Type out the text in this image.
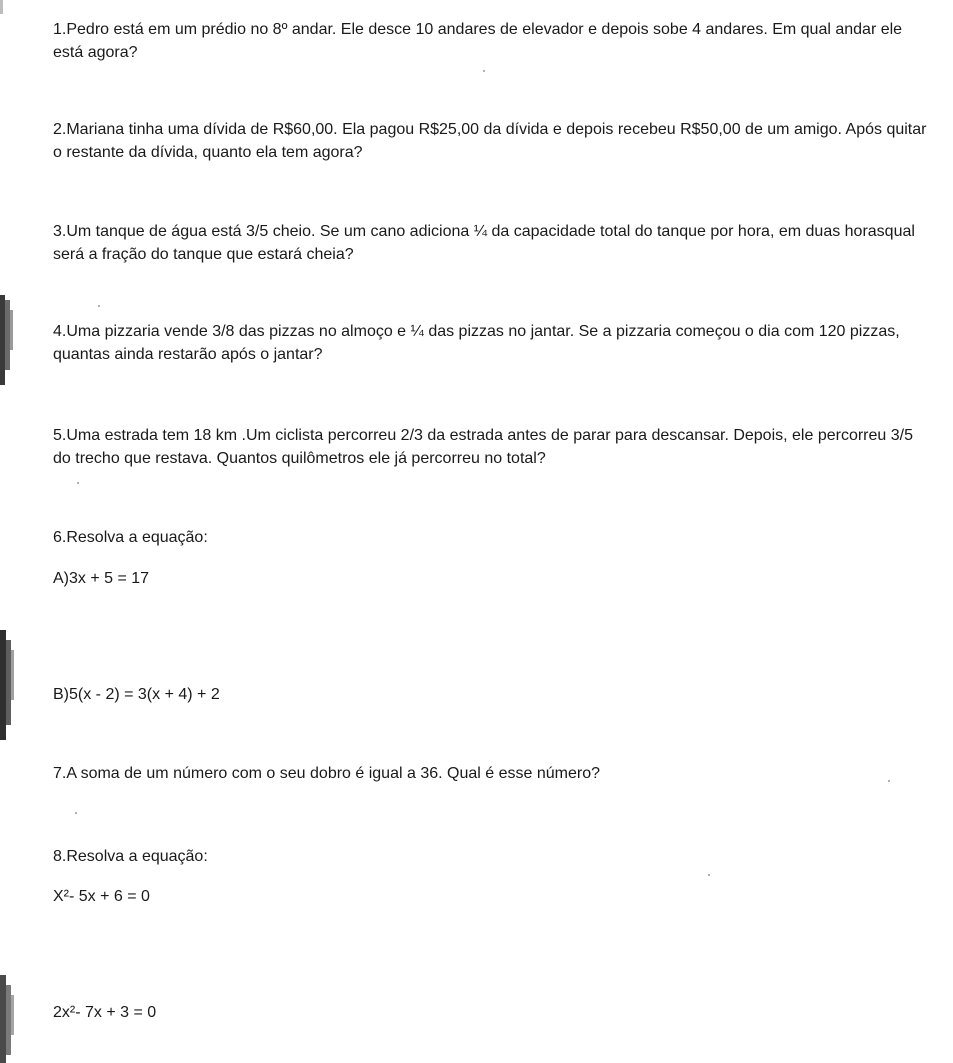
1.Pedro está em um prédio no 8º andar. Ele desce 10 andares de elevador e depois sobe 4 andares. Em qual andar ele está agora?

2.Mariana tinha uma dívida de R$60,00. Ela pagou R$25,00 da dívida e depois recebeu R$50,00 de um amigo. Após quitar o restante da dívida, quanto ela tem agora?

3.Um tanque de água está 3/5 cheio. Se um cano adiciona ¼ da capacidade total do tanque por hora, em duas horasqual será a fração do tanque que estará cheia?

4.Uma pizzaria vende 3/8 das pizzas no almoço e ¼ das pizzas no jantar. Se a pizzaria começou o dia com 120 pizzas, quantas ainda restarão após o jantar?

5.Uma estrada tem 18 km .Um ciclista percorreu 2/3 da estrada antes de parar para descansar. Depois, ele percorreu 3/5 do trecho que restava. Quantos quilômetros ele já percorreu no total?

6.Resolva a equação:

A)3x + 5 = 17

B)5(x - 2) = 3(x + 4) + 2

7.A soma de um número com o seu dobro é igual a 36. Qual é esse número?

8.Resolva a equação:

X²- 5x + 6 = 0

2x²- 7x + 3 = 0
